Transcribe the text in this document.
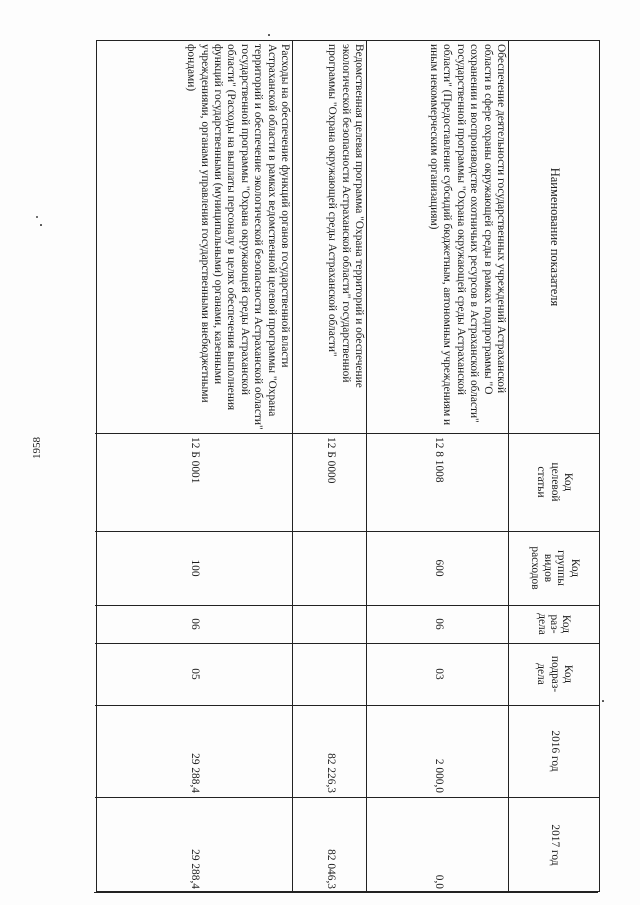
1958
Наименование показателя
Код целевой статьи
Код группы видов расходов
Код раз-дела
Код подраз-дела
2016 год
Обеспечение деятельности государственных учреждений Астраханской области в сфере охраны окружающей среды в рамках подпрограммы "О сохранении и воспроизводстве охотничьих ресурсов в Астраханской области" государственной программы "Охрана окружающей среды Астраханской области" (Предоставление субсидий бюджетным, автономным учреждениям и иным некоммерческим организациям)
12 8 1008
600
06
03
2 000,0
Ведомственная целевая программа "Охрана территорий и обеспечение экологической безопасности Астраханской области" государственной программы "Охрана окружающей среды Астраханской области"
12 Б 0000
82 226,3
Расходы на обеспечение функций органов государственной власти Астраханской области в рамках ведомственной целевой программы "Охрана территорий и обеспечение экологической безопасности Астраханской области" государственной программы "Охрана окружающей среды Астраханской области" (Расходы на выплаты персоналу в целях обеспечения выполнения функций государственными (муниципальными) органами, казенными учреждениями, органами управления государственными внебюджетными фондами)
12 Б 0001
100
06
05
29 288,4
2017 год
0,0
82 046,3
29 288,4
